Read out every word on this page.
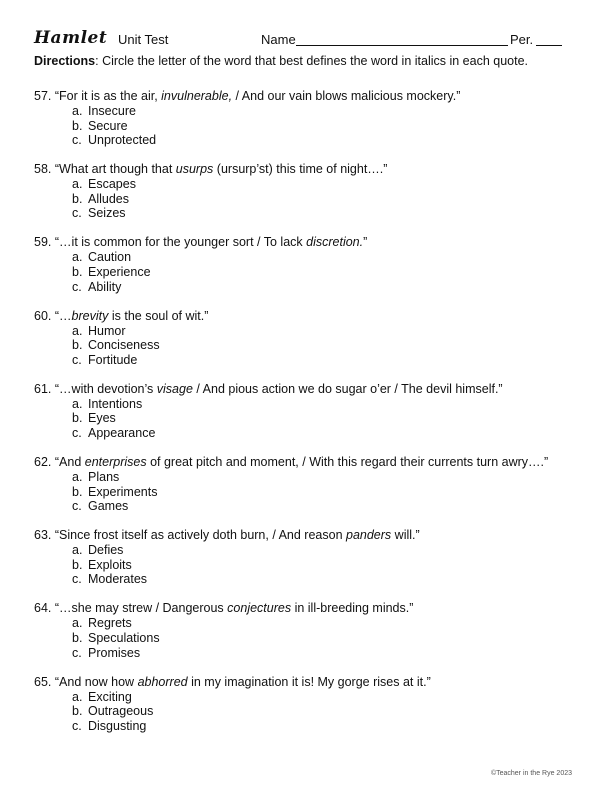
Hamlet Unit Test	Name	Per.
Directions: Circle the letter of the word that best defines the word in italics in each quote.
57. “For it is as the air, invulnerable, / And our vain blows malicious mockery.”
a. Insecure
b. Secure
c. Unprotected
58. “What art though that usurps (ursurp’st) this time of night….”
a. Escapes
b. Alludes
c. Seizes
59. “…it is common for the younger sort / To lack discretion.”
a. Caution
b. Experience
c. Ability
60. “…brevity is the soul of wit.”
a. Humor
b. Conciseness
c. Fortitude
61. “…with devotion’s visage / And pious action we do sugar o’er / The devil himself.”
a. Intentions
b. Eyes
c. Appearance
62. “And enterprises of great pitch and moment, / With this regard their currents turn awry….”
a. Plans
b. Experiments
c. Games
63. “Since frost itself as actively doth burn, / And reason panders will.”
a. Defies
b. Exploits
c. Moderates
64. “…she may strew / Dangerous conjectures in ill-breeding minds.”
a. Regrets
b. Speculations
c. Promises
65. “And now how abhorred in my imagination it is! My gorge rises at it.”
a. Exciting
b. Outrageous
c. Disgusting
©Teacher in the Rye 2023
